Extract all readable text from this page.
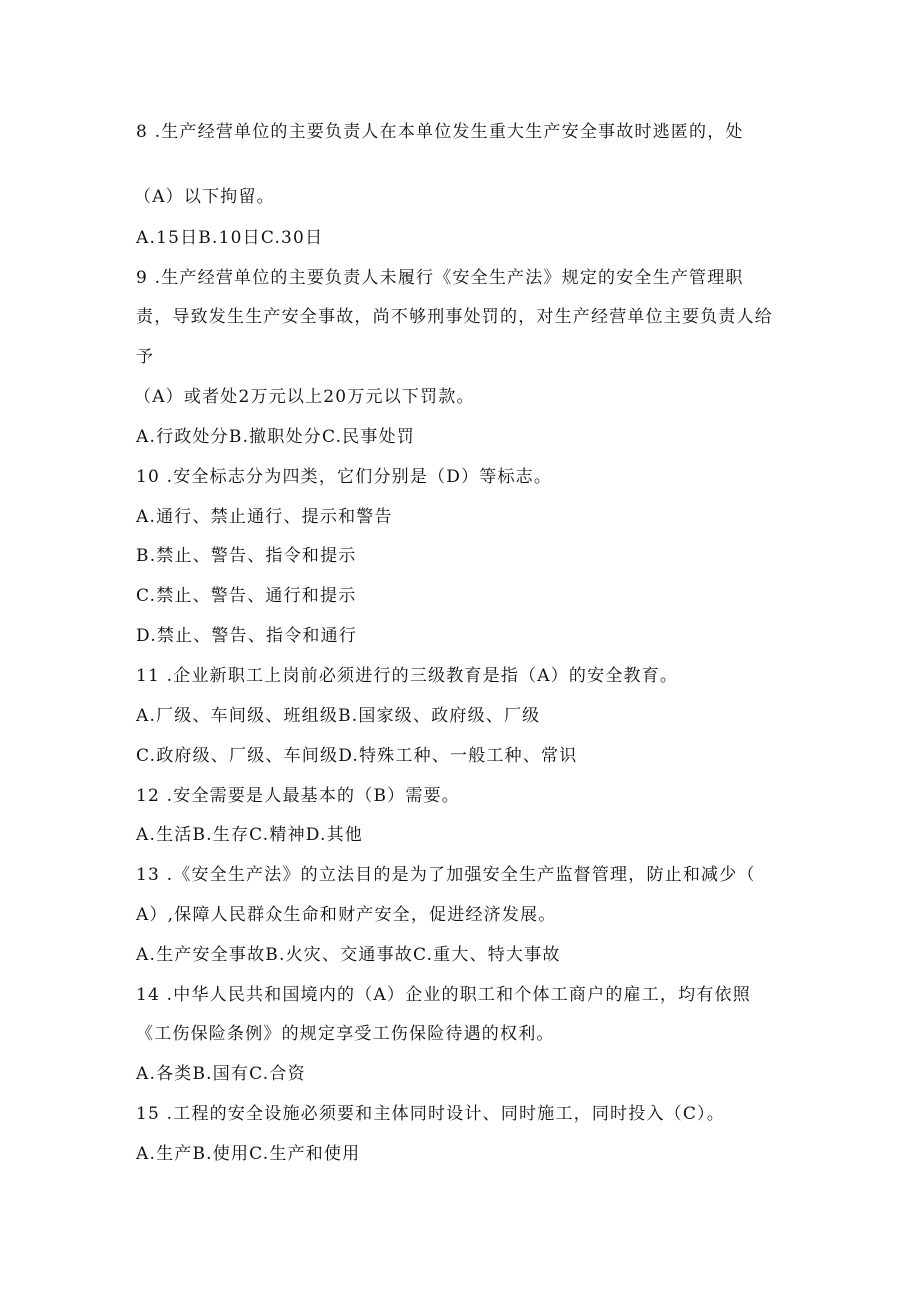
8 .生产经营单位的主要负责人在本单位发生重大生产安全事故时逃匿的，处
（A）以下拘留。
A.15日B.10日C.30日
9 .生产经营单位的主要负责人未履行《安全生产法》规定的安全生产管理职
责，导致发生生产安全事故，尚不够刑事处罚的，对生产经营单位主要负责人给
予
（A）或者处2万元以上20万元以下罚款。
A.行政处分B.撤职处分C.民事处罚
10 .安全标志分为四类，它们分别是（D）等标志。
A.通行、禁止通行、提示和警告
B.禁止、警告、指令和提示
C.禁止、警告、通行和提示
D.禁止、警告、指令和通行
11 .企业新职工上岗前必须进行的三级教育是指（A）的安全教育。
A.厂级、车间级、班组级B.国家级、政府级、厂级
C.政府级、厂级、车间级D.特殊工种、一般工种、常识
12 .安全需要是人最基本的（B）需要。
A.生活B.生存C.精神D.其他
13 .《安全生产法》的立法目的是为了加强安全生产监督管理，防止和减少（
A）,保障人民群众生命和财产安全，促进经济发展。
A.生产安全事故B.火灾、交通事故C.重大、特大事故
14 .中华人民共和国境内的（A）企业的职工和个体工商户的雇工，均有依照
《工伤保险条例》的规定享受工伤保险待遇的权利。
A.各类B.国有C.合资
15 .工程的安全设施必须要和主体同时设计、同时施工，同时投入（C）。
A.生产B.使用C.生产和使用
